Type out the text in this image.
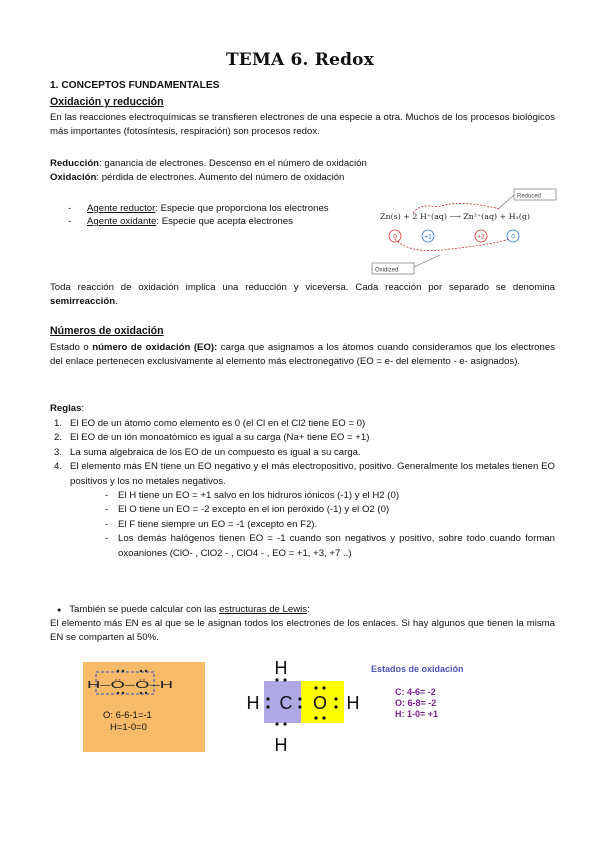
TEMA 6. Redox
1. CONCEPTOS FUNDAMENTALES
Oxidación y reducción
En las reacciones electroquímicas se transfieren electrones de una especie a otra. Muchos de los procesos biológicos más importantes (fotosíntesis, respiración) son procesos redox.
Reducción: ganancia de electrones. Descenso en el número de oxidación
Oxidación: pérdida de electrones. Aumento del número de oxidación
- Agente reductor: Especie que proporciona los electrones
- Agente oxidante: Especie que acepta electrones
Reduced
Zn(s) + 2 H⁺(aq) ⟶ Zn²⁺(aq) + H₂(g)
0	+1	+2	0
Oxidized
Toda reacción de oxidación implica una reducción y viceversa. Cada reacción por separado se denomina semirreacción.
Números de oxidación
Estado o número de oxidación (EO): carga que asignamos a los átomos cuando consideramos que los electrones del enlace pertenecen exclusivamente al elemento más electronegativo (EO = e- del elemento - e- asignados).
Reglas:
1. El EO de un átomo como elemento es 0 (el Cl en el Cl2 tiene EO = 0)
2. El EO de un ión monoatómico es igual a su carga (Na+ tiene EO = +1)
3. La suma algebraica de los EO de un compuesto es igual a su carga.
4. El elemento más EN tiene un EO negativo y el más electropositivo, positivo. Generalmente los metales tienen EO positivos y los no metales negativos.
- El H tiene un EO = +1 salvo en los hidruros iónicos (-1) y el H2 (0)
- El O tiene un EO = -2 excepto en el ion peróxido (-1) y el O2 (0)
- El F tiene siempre un EO = -1 (excepto en F2).
- Los demás halógenos tienen EO = -1 cuando son negativos y positivo, sobre todo cuando forman oxoaniones (ClO- , ClO2 - , ClO4 - , EO = +1, +3, +7 ..)
● También se puede calcular con las estructuras de Lewis:
El elemento más EN es al que se le asignan todos los electrones de los enlaces. Si hay algunos que tienen la misma EN se comparten al 50%.
H–Ö–Ö–H
O: 6-6-1=-1
H=1-0=0
H
H
H
H
C O
Estados de oxidación
C: 4-6= -2
O: 6-8= -2
H: 1-0= +1
